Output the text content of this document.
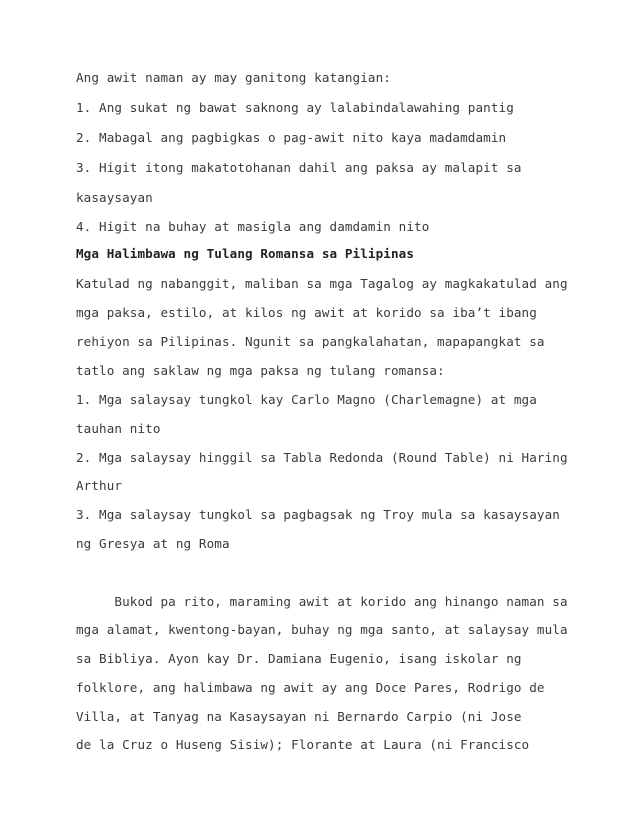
Ang awit naman ay may ganitong katangian:

1. Ang sukat ng bawat saknong ay lalabindalawahing pantig

2. Mabagal ang pagbigkas o pag-awit nito kaya madamdamin

3. Higit itong makatotohanan dahil ang paksa ay malapit sa

kasaysayan

4. Higit na buhay at masigla ang damdamin nito

Mga Halimbawa ng Tulang Romansa sa Pilipinas

Katulad ng nabanggit, maliban sa mga Tagalog ay magkakatulad ang

mga paksa, estilo, at kilos ng awit at korido sa iba’t ibang

rehiyon sa Pilipinas. Ngunit sa pangkalahatan, mapapangkat sa

tatlo ang saklaw ng mga paksa ng tulang romansa:

1. Mga salaysay tungkol kay Carlo Magno (Charlemagne) at mga

tauhan nito

2. Mga salaysay hinggil sa Tabla Redonda (Round Table) ni Haring

Arthur

3. Mga salaysay tungkol sa pagbagsak ng Troy mula sa kasaysayan

ng Gresya at ng Roma

Bukod pa rito, maraming awit at korido ang hinango naman sa

mga alamat, kwentong-bayan, buhay ng mga santo, at salaysay mula

sa Bibliya. Ayon kay Dr. Damiana Eugenio, isang iskolar ng

folklore, ang halimbawa ng awit ay ang Doce Pares, Rodrigo de

Villa, at Tanyag na Kasaysayan ni Bernardo Carpio (ni Jose

de la Cruz o Huseng Sisiw); Florante at Laura (ni Francisco
